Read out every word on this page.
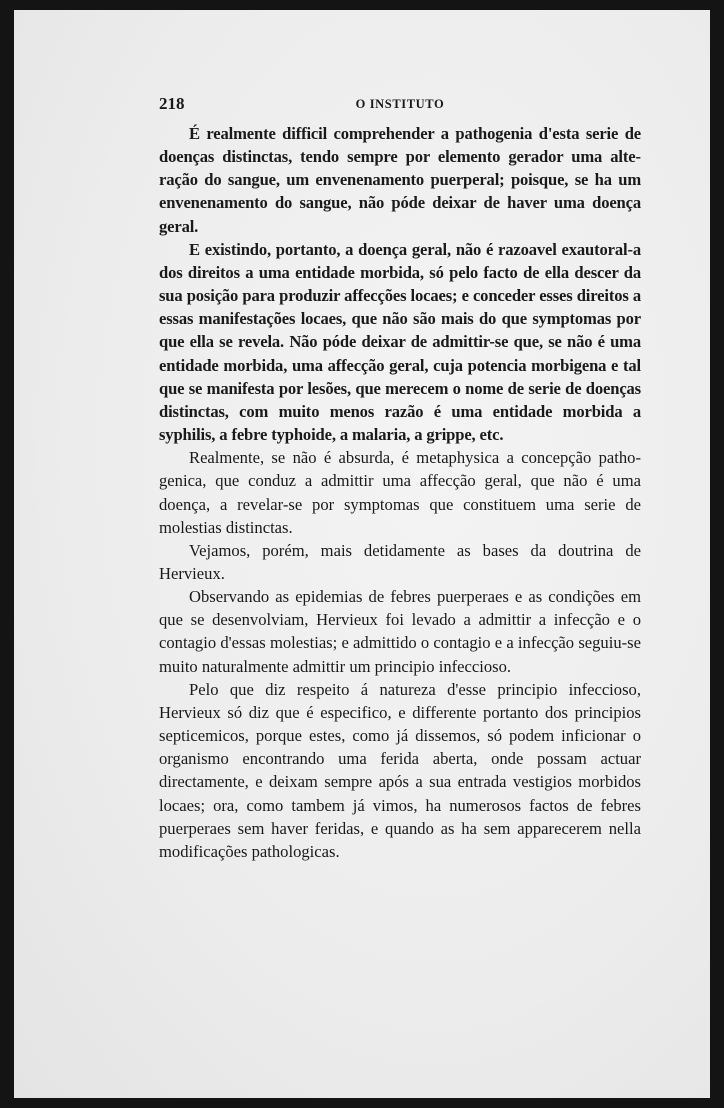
218	O INSTITUTO

É realmente difficil comprehender a pathogenia d'esta serie de doenças distinctas, tendo sempre por elemento gerador uma alteração do sangue, um envenenamento puerperal; poisque, se ha um envenenamento do sangue, não póde deixar de haver uma doença geral.

E existindo, portanto, a doença geral, não é razoavel exautoral-a dos direitos a uma entidade morbida, só pelo facto de ella descer da sua posição para produzir affecções locaes; e conceder esses direitos a essas manifestações locaes, que não são mais do que symptomas por que ella se revela. Não póde deixar de admittir-se que, se não é uma entidade morbida, uma affecção geral, cuja potencia morbigena e tal que se manifesta por lesões, que merecem o nome de serie de doenças distinctas, com muito menos razão é uma entidade morbida a syphilis, a febre typhoide, a malaria, a grippe, etc.

Realmente, se não é absurda, é metaphysica a concepção pathogenica, que conduz a admittir uma affecção geral, que não é uma doença, a revelar-se por symptomas que constituem uma serie de molestias distinctas.

Vejamos, porém, mais detidamente as bases da doutrina de Hervieux.

Observando as epidemias de febres puerperaes e as condições em que se desenvolviam, Hervieux foi levado a admittir a infecção e o contagio d'essas molestias; e admittido o contagio e a infecção seguiu-se muito naturalmente admittir um principio infeccioso.

Pelo que diz respeito á natureza d'esse principio infeccioso, Hervieux só diz que é especifico, e differente portanto dos principios septicemicos, porque estes, como já dissemos, só podem inficionar o organismo encontrando uma ferida aberta, onde possam actuar directamente, e deixam sempre após a sua entrada vestigios morbidos locaes; ora, como tambem já vimos, ha numerosos factos de febres puerperaes sem haver feridas, e quando as ha sem apparecerem nella modificações pathologicas.
